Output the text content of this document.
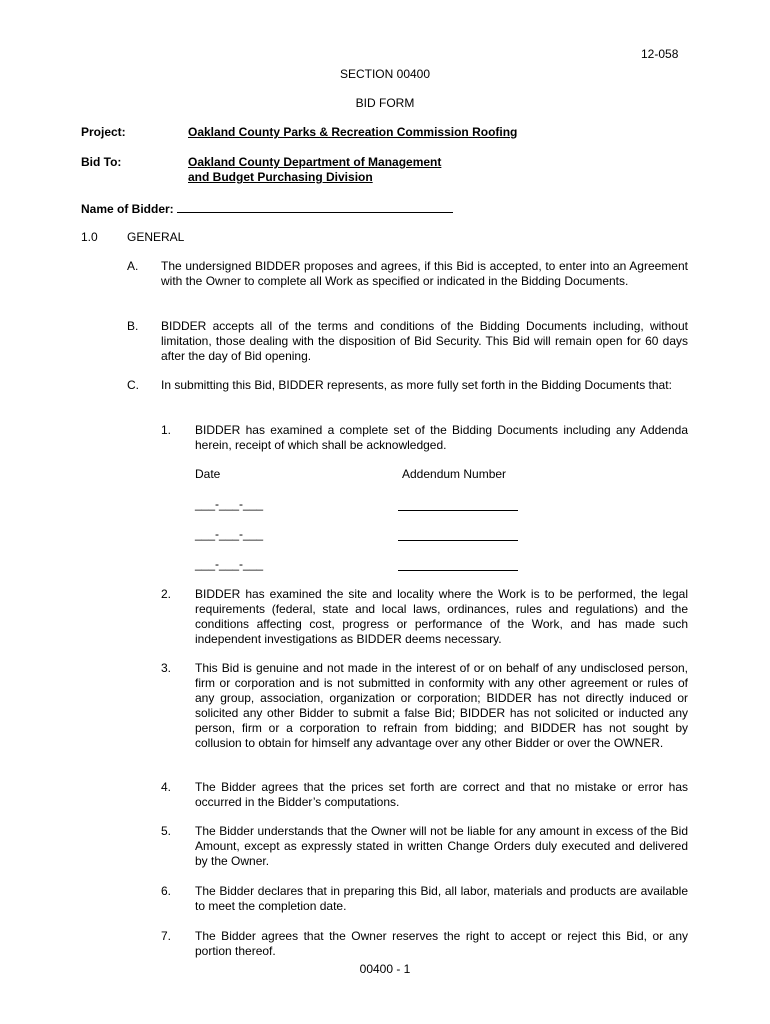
12-058
SECTION 00400
BID FORM
Project:	Oakland County Parks & Recreation Commission Roofing
Bid To:	Oakland County Department of Management
and Budget Purchasing Division
Name of Bidder:
1.0 GENERAL
A. The undersigned BIDDER proposes and agrees, if this Bid is accepted, to enter into an Agreement with the Owner to complete all Work as specified or indicated in the Bidding Documents.
B. BIDDER accepts all of the terms and conditions of the Bidding Documents including, without limitation, those dealing with the disposition of Bid Security. This Bid will remain open for 60 days after the day of Bid opening.
C. In submitting this Bid, BIDDER represents, as more fully set forth in the Bidding Documents that:
1. BIDDER has examined a complete set of the Bidding Documents including any Addenda herein, receipt of which shall be acknowledged.
Date	Addendum Number
___-___-___
___-___-___
___-___-___
2. BIDDER has examined the site and locality where the Work is to be performed, the legal requirements (federal, state and local laws, ordinances, rules and regulations) and the conditions affecting cost, progress or performance of the Work, and has made such independent investigations as BIDDER deems necessary.
3. This Bid is genuine and not made in the interest of or on behalf of any undisclosed person, firm or corporation and is not submitted in conformity with any other agreement or rules of any group, association, organization or corporation; BIDDER has not directly induced or solicited any other Bidder to submit a false Bid; BIDDER has not solicited or inducted any person, firm or a corporation to refrain from bidding; and BIDDER has not sought by collusion to obtain for himself any advantage over any other Bidder or over the OWNER.
4. The Bidder agrees that the prices set forth are correct and that no mistake or error has occurred in the Bidder’s computations.
5. The Bidder understands that the Owner will not be liable for any amount in excess of the Bid Amount, except as expressly stated in written Change Orders duly executed and delivered by the Owner.
6. The Bidder declares that in preparing this Bid, all labor, materials and products are available to meet the completion date.
7. The Bidder agrees that the Owner reserves the right to accept or reject this Bid, or any portion thereof.
00400 - 1
